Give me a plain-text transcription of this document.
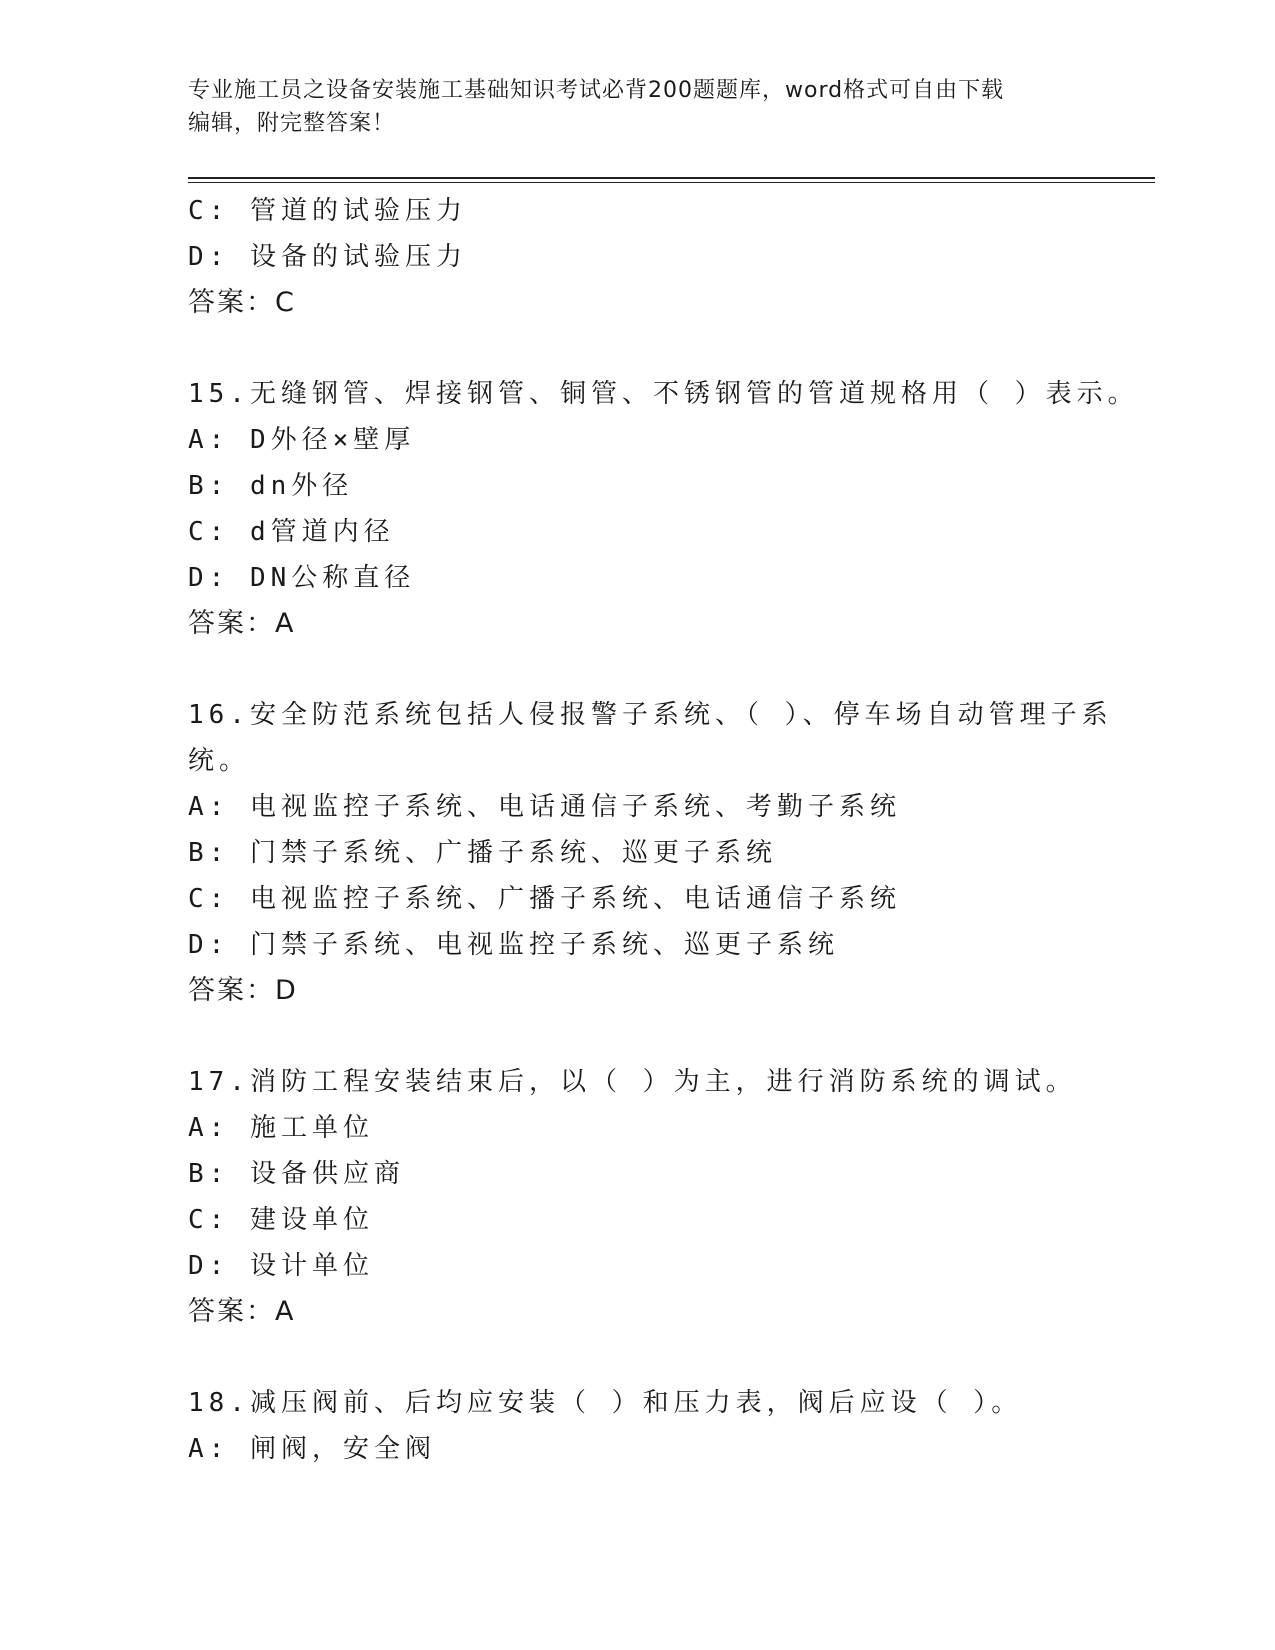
专业施工员之设备安装施工基础知识考试必背200题题库，word格式可自由下载
编辑，附完整答案！
C: 管道的试验压力
D: 设备的试验压力
答案：C
15.无缝钢管、焊接钢管、铜管、不锈钢管的管道规格用（ ）表示。
A: D外径×壁厚
B: dn外径
C: d管道内径
D: DN公称直径
答案：A
16.安全防范系统包括人侵报警子系统、（ ）、停车场自动管理子系
统。
A: 电视监控子系统、电话通信子系统、考勤子系统
B: 门禁子系统、广播子系统、巡更子系统
C: 电视监控子系统、广播子系统、电话通信子系统
D: 门禁子系统、电视监控子系统、巡更子系统
答案：D
17.消防工程安装结束后，以（ ）为主，进行消防系统的调试。
A: 施工单位
B: 设备供应商
C: 建设单位
D: 设计单位
答案：A
18.减压阀前、后均应安装（ ）和压力表，阀后应设（ ）。
A: 闸阀，安全阀
